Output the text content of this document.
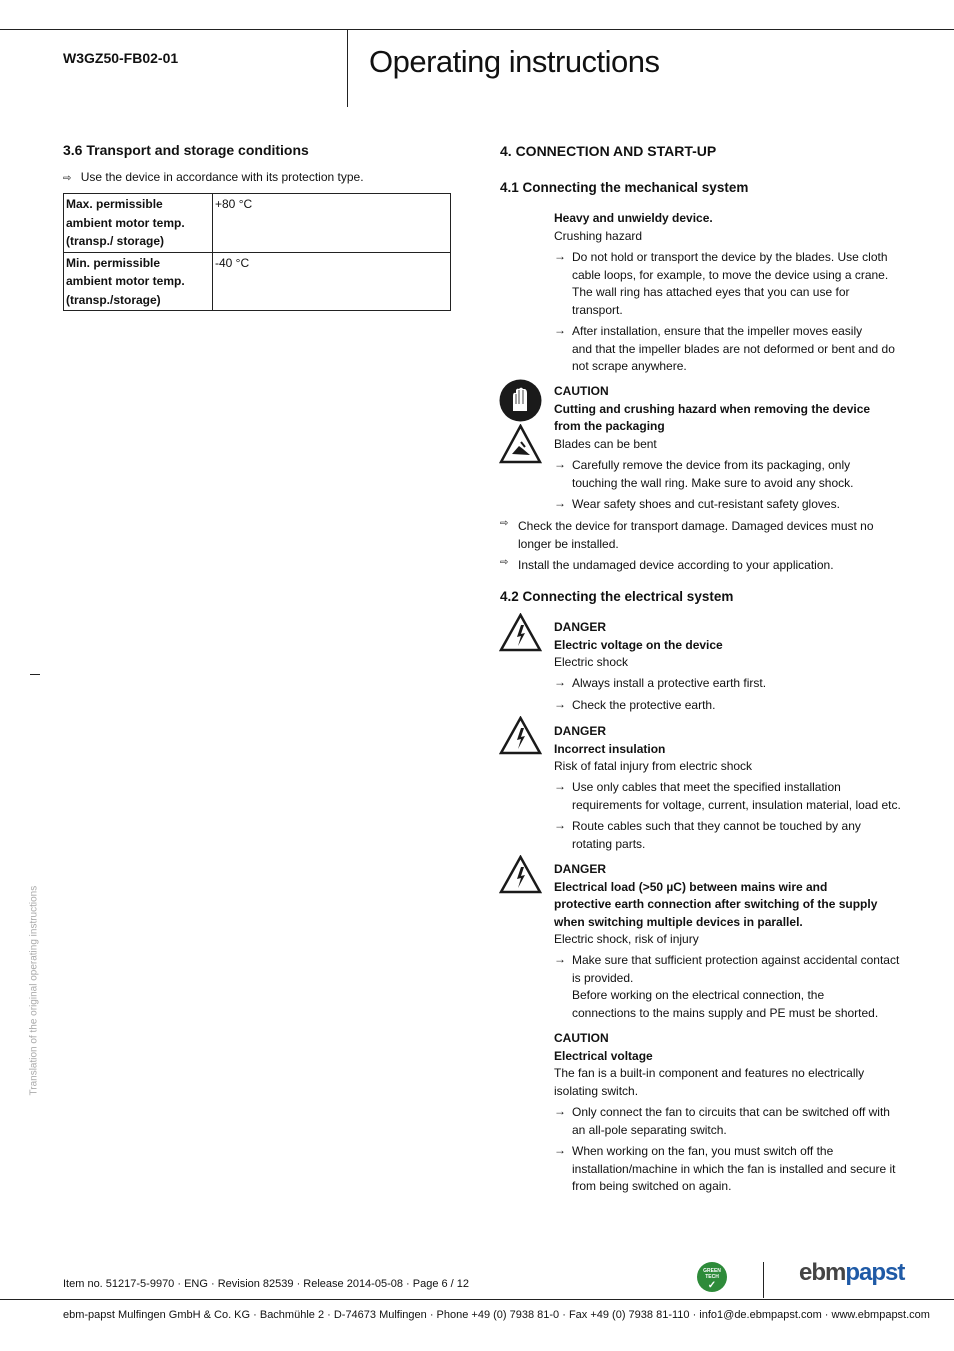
W3GZ50-FB02-01	Operating instructions
3.6 Transport and storage conditions
⇨ Use the device in accordance with its protection type.
Max. permissible
ambient motor temp.
(transp./ storage)	+80 °C

Min. permissible
ambient motor temp.
(transp./storage)	-40 °C
Translation of the original operating instructions
4. CONNECTION AND START-UP
4.1 Connecting the mechanical system
Heavy and unwieldy device.
Crushing hazard
→ Do not hold or transport the device by the blades. Use cloth
cable loops, for example, to move the device using a crane.
The wall ring has attached eyes that you can use for
transport.
→ After installation, ensure that the impeller moves easily
and that the impeller blades are not deformed or bent and do
not scrape anywhere.
CAUTION
Cutting and crushing hazard when removing the device
from the packaging
Blades can be bent
→ Carefully remove the device from its packaging, only
touching the wall ring. Make sure to avoid any shock.
→ Wear safety shoes and cut-resistant safety gloves.
⇨ Check the device for transport damage. Damaged devices must no
longer be installed.
⇨ Install the undamaged device according to your application.
4.2 Connecting the electrical system
DANGER
Electric voltage on the device
Electric shock
→ Always install a protective earth first.
→ Check the protective earth.
DANGER
Incorrect insulation
Risk of fatal injury from electric shock
→ Use only cables that meet the specified installation
requirements for voltage, current, insulation material, load etc.
→ Route cables such that they cannot be touched by any
rotating parts.
DANGER
Electrical load (>50 µC) between mains wire and
protective earth connection after switching of the supply
when switching multiple devices in parallel.
Electric shock, risk of injury
→ Make sure that sufficient protection against accidental contact
is provided.
Before working on the electrical connection, the
connections to the mains supply and PE must be shorted.
CAUTION
Electrical voltage
The fan is a built-in component and features no electrically
isolating switch.
→ Only connect the fan to circuits that can be switched off with
an all-pole separating switch.
→ When working on the fan, you must switch off the
installation/machine in which the fan is installed and secure it
from being switched on again.
Item no. 51217-5-9970 · ENG · Revision 82539 · Release 2014-05-08 · Page 6 / 12
GREEN TECH
✓	ebmpapst
ebm-papst Mulfingen GmbH & Co. KG · Bachmühle 2 · D-74673 Mulfingen · Phone +49 (0) 7938 81-0 · Fax +49 (0) 7938 81-110 · info1@de.ebmpapst.com · www.ebmpapst.com
